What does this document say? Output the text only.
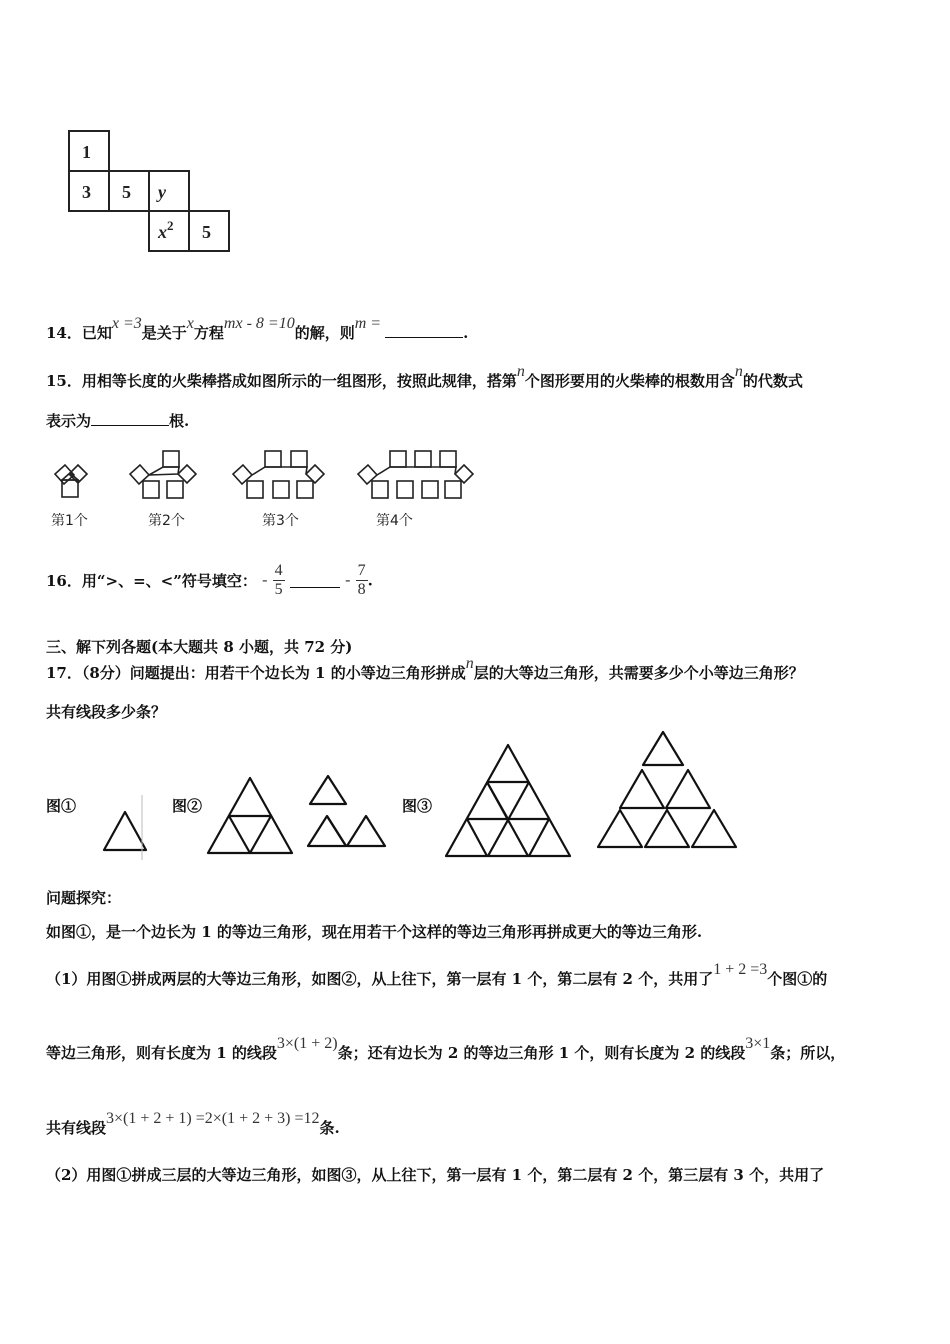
1
3 5 y
$x^2$ 5
14．已知x =3是关于x方程mx - 8 =10的解，则m =.
15．用相等长度的火柴棒搭成如图所示的一组图形，按照此规律，搭第n个图形要用的火柴棒的根数用含n的代数式
表示为	根.
第1个	第2个	第3个	第4个
16．用“>、=、<”符号填空： - $\frac{4}{5}$	- $\frac{7}{8}$ .
三、解下列各题(本大题共 8 小题，共 72 分)
17．（8分）问题提出：用若干个边长为 1 的小等边三角形拼成n层的大等边三角形，共需要多少个小等边三角形？
共有线段多少条？
图①	图②	图③
问题探究：
如图①，是一个边长为 1 的等边三角形，现在用若干个这样的等边三角形再拼成更大的等边三角形.
（1）用图①拼成两层的大等边三角形，如图②，从上往下，第一层有 1 个，第二层有 2 个，共用了1 + 2 =3个图①的
等边三角形，则有长度为 1 的线段3×(1 + 2)条；还有边长为 2 的等边三角形 1 个，则有长度为 2 的线段3×1条；所以，
共有线段3×(1 + 2 + 1) =2×(1 + 2 + 3) =12条.
（2）用图①拼成三层的大等边三角形，如图③，从上往下，第一层有 1 个，第二层有 2 个，第三层有 3 个，共用了
